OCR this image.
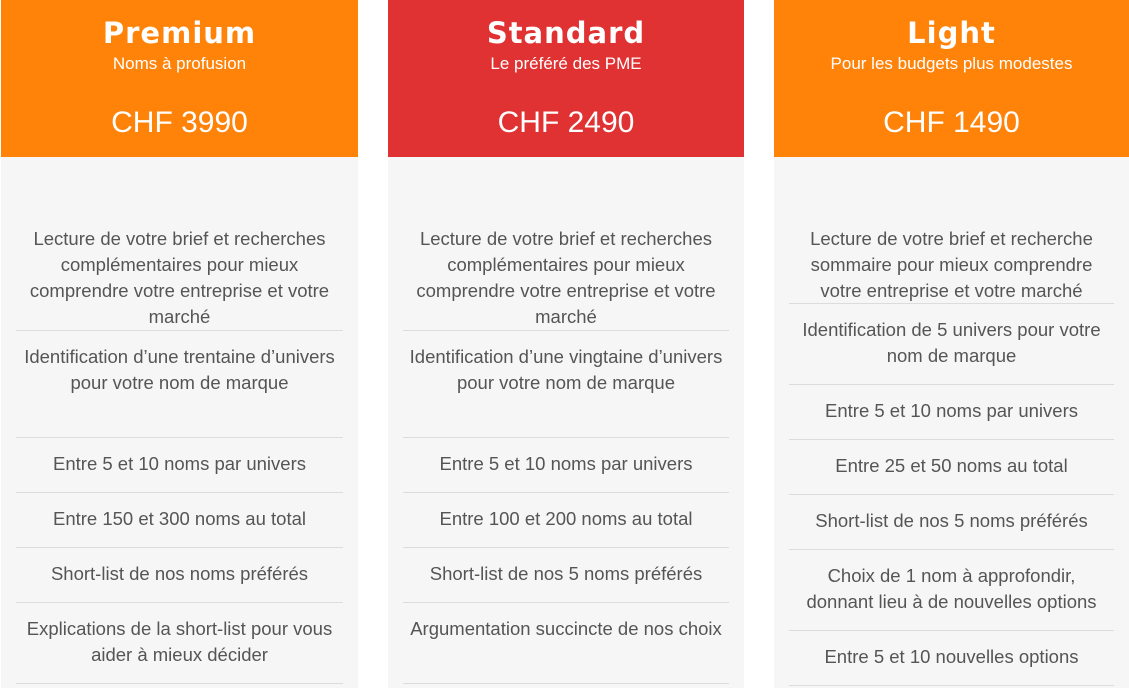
Premium
Noms à profusion
CHF 3990
Lecture de votre brief et recherches complémentaires pour mieux comprendre votre entreprise et votre marché
Identification d’une trentaine d’univers pour votre nom de marque
Entre 5 et 10 noms par univers
Entre 150 et 300 noms au total
Short-list de nos noms préférés
Explications de la short-list pour vous aider à mieux décider
Standard
Le préféré des PME
CHF 2490
Lecture de votre brief et recherches complémentaires pour mieux comprendre votre entreprise et votre marché
Identification d’une vingtaine d’univers pour votre nom de marque
Entre 5 et 10 noms par univers
Entre 100 et 200 noms au total
Short-list de nos 5 noms préférés
Argumentation succincte de nos choix
Light
Pour les budgets plus modestes
CHF 1490
Lecture de votre brief et recherche sommaire pour mieux comprendre votre entreprise et votre marché
Identification de 5 univers pour votre nom de marque
Entre 5 et 10 noms par univers
Entre 25 et 50 noms au total
Short-list de nos 5 noms préférés
Choix de 1 nom à approfondir, donnant lieu à de nouvelles options
Entre 5 et 10 nouvelles options
